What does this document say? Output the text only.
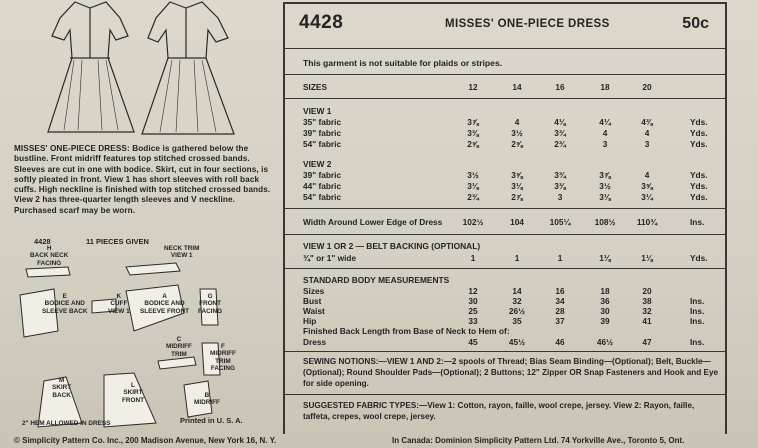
MISSES' ONE-PIECE DRESS: Bodice is gathered below the bustline. Front midriff features top stitched crossed bands. Sleeves are cut in one with bodice. Skirt, cut in four sections, is softly pleated in front. View 1 has short sleeves with roll back cuffs. High neckline is finished with top stitched crossed bands. View 2 has three-quarter length sleeves and V neckline. Purchased scarf may be worn.
4428	11 PIECES GIVEN
H
BACK NECK
FACING
NECK TRIM
VIEW 1
E
BODICE AND
SLEEVE BACK
K
CUFF
VIEW 1
A
BODICE AND
SLEEVE FRONT
G
FRONT
FACING
C
MIDRIFF
TRIM
F
MIDRIFF
TRIM
FACING
M
SKIRT
BACK
L
SKIRT
FRONT
B
MIDRIFF
2" HEM ALLOWED IN DRESS	Printed in U. S. A.
4428	MISSES' ONE-PIECE DRESS	50c
This garment is not suitable for plaids or stripes.
SIZES	12	14	16	18	20
VIEW 1
35" fabric	3⅞	4	4⅛	4¼	4⅜	Yds.
39" fabric	3⅜	3½	3¾	4	4	Yds.
54" fabric	2⅝	2⅝	2¾	3	3	Yds.
VIEW 2
39" fabric	3½	3⅝	3¾	3⅞	4	Yds.
44" fabric	3⅛	3⅛	3⅜	3½	3⅝	Yds.
54" fabric	2¾	2⅞	3	3⅛	3¼	Yds.
Width Around Lower Edge of Dress 102½	104	105¼	108½	110¾	Ins.
VIEW 1 OR 2 — BELT BACKING (OPTIONAL)
¾" or 1" wide	1	1	1	1⅛	1⅛	Yds.
STANDARD BODY MEASUREMENTS
Sizes	12	14	16	18	20
Bust	30	32	34	36	38	Ins.
Waist	25	26½	28	30	32	Ins.
Hip	33	35	37	39	41	Ins.
Finished Back Length from Base of Neck to Hem of:
Dress	45	45½	46	46½	47	Ins.
SEWING NOTIONS:—VIEW 1 AND 2:—2 spools of Thread; Bias Seam Binding—(Optional); Belt, Buckle—(Optional); Round Shoulder Pads—(Optional); 2 Buttons; 12" Zipper OR Snap Fasteners and Hook and Eye for side opening.
SUGGESTED FABRIC TYPES:—View 1: Cotton, rayon, faille, wool crepe, jersey. View 2: Rayon, faille, taffeta, crepes, wool crepe, jersey.
© Simplicity Pattern Co. Inc., 200 Madison Avenue, New York 16, N. Y.	In Canada: Dominion Simplicity Pattern Ltd. 74 Yorkville Ave., Toronto 5, Ont.
